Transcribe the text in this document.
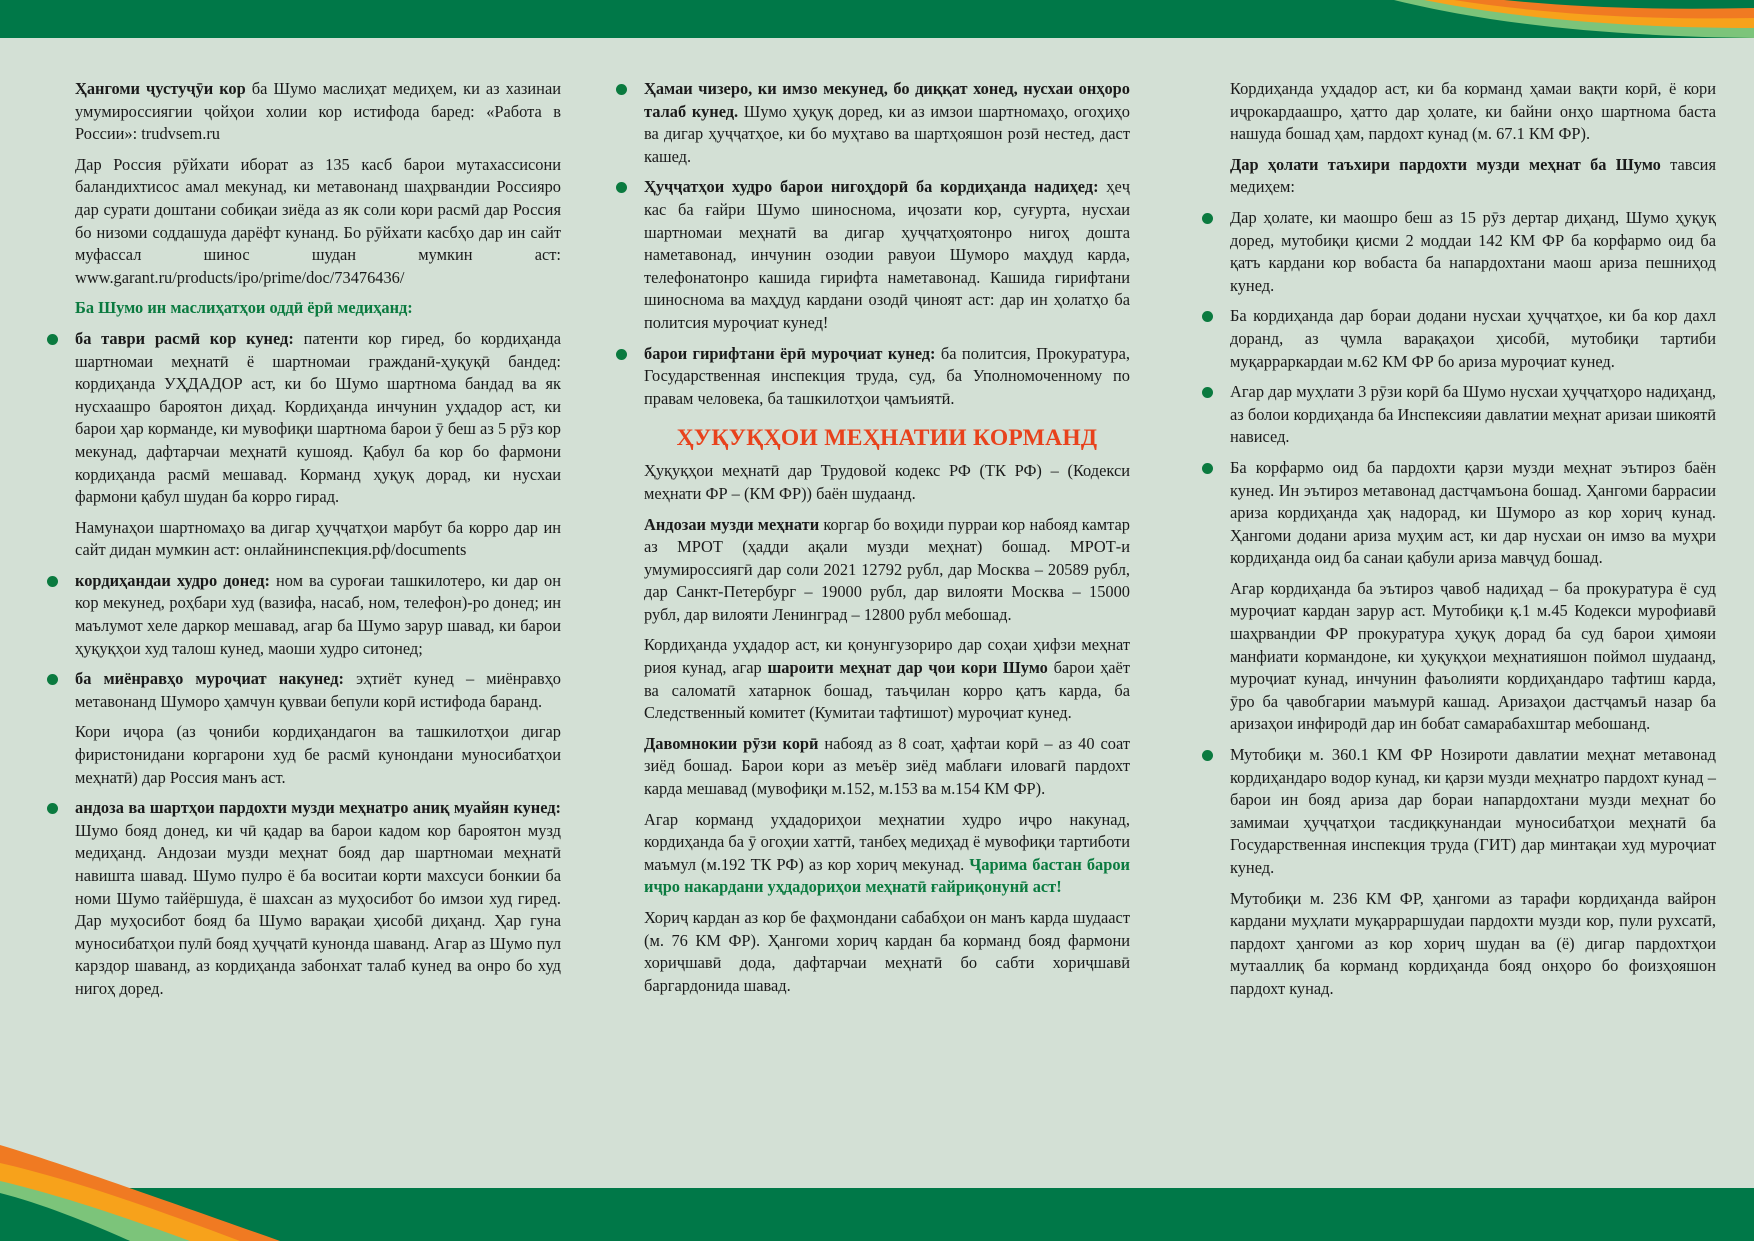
Ҳангоми ҷустуҷӯи кор ба Шумо маслиҳат медиҳем, ки аз хазинаи умумироссиягии ҷойҳои холии кор истифода баред: «Работа в России»: trudvsem.ru

Дар Россия рӯйхати иборат аз 135 касб барои мутахассисони баландихтисос амал мекунад, ки метавонанд шаҳрвандии Россияро дар сурати доштани собиқаи зиёда аз як соли кори расмӣ дар Россия бо низоми соддашуда дарёфт кунанд. Бо рӯйхати касбҳо дар ин сайт муфассал шинос шудан мумкин аст: www.garant.ru/products/ipo/prime/doc/73476436/

Ба Шумо ин маслиҳатҳои оддӣ ёрӣ медиҳанд:

ба таври расмӣ кор кунед: патенти кор гиред, бо кордиҳанда шартномаи меҳнатӣ ё шартномаи гражданӣ-ҳуқуқӣ бандед: кордиҳанда УҲДАДОР аст, ки бо Шумо шартнома бандад ва як нусхаашро бароятон диҳад. Кордиҳанда инчунин уҳдадор аст, ки барои ҳар корманде, ки мувофиқи шартнома барои ӯ беш аз 5 рӯз кор мекунад, дафтарчаи меҳнатӣ кушояд. Қабул ба кор бо фармони кордиҳанда расмӣ мешавад. Корманд ҳуқуқ дорад, ки нусхаи фармони қабул шудан ба корро гирад.

Намунаҳои шартномаҳо ва дигар ҳуҷҷатҳои марбут ба корро дар ин сайт дидан мумкин аст: онлайнинспекция.рф/documents

кордиҳандаи худро донед: ном ва суроғаи ташкилотеро, ки дар он кор мекунед, роҳбари худ (вазифа, насаб, ном, телефон)-ро донед; ин маълумот хеле даркор мешавад, агар ба Шумо зарур шавад, ки барои ҳуқуқҳои худ талош кунед, маоши худро ситонед;
ба миёнравҳо муроҷиат накунед: эҳтиёт кунед – миёнравҳо метавонанд Шуморо ҳамчун қувваи бепули корӣ истифода баранд.

Кори иҷора (аз ҷониби кордиҳандагон ва ташкилотҳои дигар фиристонидани коргарони худ бе расмӣ кунондани муносибатҳои меҳнатӣ) дар Россия манъ аст.

андоза ва шартҳои пардохти музди меҳнатро аниқ муайян кунед: Шумо бояд донед, ки чӣ қадар ва барои кадом кор бароятон музд медиҳанд. Андозаи музди меҳнат бояд дар шартномаи меҳнатӣ навишта шавад. Шумо пулро ё ба воситаи корти махсуси бонкии ба номи Шумо тайёршуда, ё шахсан аз муҳосибот бо имзои худ гиред. Дар муҳосибот бояд ба Шумо варақаи ҳисобӣ диҳанд. Ҳар гуна муносибатҳои пулӣ бояд ҳуҷҷатӣ кунонда шаванд. Агар аз Шумо пул карздор шаванд, аз кордиҳанда забонхат талаб кунед ва онро бо худ нигоҳ доред.
Ҳамаи чизеро, ки имзо мекунед, бо диққат хонед, нусхаи онҳоро талаб кунед. Шумо ҳуқуқ доред, ки аз имзои шартномаҳо, огоҳиҳо ва дигар ҳуҷҷатҳое, ки бо муҳтаво ва шартҳояшон розӣ нестед, даст кашед.
Ҳуҷҷатҳои худро барои нигоҳдорӣ ба кордиҳанда надиҳед: ҳеҷ кас ба ғайри Шумо шиноснома, иҷозати кор, суғурта, нусхаи шартномаи меҳнатӣ ва дигар ҳуҷҷатҳоятонро нигоҳ дошта наметавонад, инчунин озодии равуои Шуморо маҳдуд карда, телефонатонро кашида гирифта наметавонад. Кашида гирифтани шиноснома ва маҳдуд кардани озодӣ ҷиноят аст: дар ин ҳолатҳо ба политсия муроҷиат кунед!
барои гирифтани ёрӣ муроҷиат кунед: ба политсия, Прокуратура, Государственная инспекция труда, суд, ба Уполномоченному по правам человека, ба ташкилотҳои ҷамъиятӣ.
ҲУҚУҚҲОИ МЕҲНАТИИ КОРМАНД

Ҳуқуқҳои меҳнатӣ дар Трудовой кодекс РФ (ТК РФ) – (Кодекси меҳнати ФР – (КМ ФР)) баён шудаанд.

Андозаи музди меҳнати коргар бо воҳиди пурраи кор набояд камтар аз МРОТ (ҳадди ақали музди меҳнат) бошад. МРОТ-и умумироссиягӣ дар соли 2021 12792 рубл, дар Москва – 20589 рубл, дар Санкт-Петербург – 19000 рубл, дар вилояти Москва – 15000 рубл, дар вилояти Ленинград – 12800 рубл мебошад.

Кордиҳанда уҳдадор аст, ки қонунгузориро дар соҳаи ҳифзи меҳнат риоя кунад, агар шароити меҳнат дар ҷои кори Шумо барои ҳаёт ва саломатӣ хатарнок бошад, таъҷилан корро қатъ карда, ба Следственный комитет (Кумитаи тафтишот) муроҷиат кунед.

Давомнокии рӯзи корӣ набояд аз 8 соат, ҳафтаи корӣ – аз 40 соат зиёд бошад. Барои кори аз меъёр зиёд маблағи иловагӣ пардохт карда мешавад (мувофиқи м.152, м.153 ва м.154 КМ ФР).

Агар корманд уҳдадориҳои меҳнатии худро иҷро накунад, кордиҳанда ба ӯ огоҳии хаттӣ, танбеҳ медиҳад ё мувофиқи тартиботи маъмул (м.192 ТК РФ) аз кор хориҷ мекунад. Ҷарима бастан барои иҷро накардани уҳдадориҳои меҳнатӣ ғайриқонунӣ аст!

Хориҷ кардан аз кор бе фаҳмондани сабабҳои он манъ карда шудааст (м. 76 КМ ФР). Ҳангоми хориҷ кардан ба корманд бояд фармони хориҷшавӣ дода, дафтарчаи меҳнатӣ бо сабти хориҷшавӣ баргардонида шавад.

Кордиҳанда уҳдадор аст, ки ба корманд ҳамаи вақти корӣ, ё кори иҷрокардаашро, ҳатто дар ҳолате, ки байни онҳо шартнома баста нашуда бошад ҳам, пардохт кунад (м. 67.1 КМ ФР).

Дар ҳолати таъхири пардохти музди меҳнат ба Шумо тавсия медиҳем:

Дар ҳолате, ки маошро беш аз 15 рӯз дертар диҳанд, Шумо ҳуқуқ доред, мутобиқи қисми 2 моддаи 142 КМ ФР ба корфармо оид ба қатъ кардани кор вобаста ба напардохтани маош ариза пешниҳод кунед.
Ба кордиҳанда дар бораи додани нусхаи ҳуҷҷатҳое, ки ба кор дахл доранд, аз ҷумла варақаҳои ҳисобӣ, мутобиқи тартиби муқарраркардаи м.62 КМ ФР бо ариза муроҷиат кунед.
Агар дар муҳлати 3 рӯзи корӣ ба Шумо нусхаи ҳуҷҷатҳоро надиҳанд, аз болои кордиҳанда ба Инспексияи давлатии меҳнат аризаи шикоятӣ нависед.
Ба корфармо оид ба пардохти қарзи музди меҳнат эътироз баён кунед. Ин эътироз метавонад дастҷамъона бошад. Ҳангоми баррасии ариза кордиҳанда ҳақ надорад, ки Шуморо аз кор хориҷ кунад. Ҳангоми додани ариза муҳим аст, ки дар нусхаи он имзо ва муҳри кордиҳанда оид ба санаи қабули ариза мавҷуд бошад.

Агар кордиҳанда ба эътироз ҷавоб надиҳад – ба прокуратура ё суд муроҷиат кардан зарур аст. Мутобиқи қ.1 м.45 Кодекси мурофиавӣ шаҳрвандии ФР прокуратура ҳуқуқ дорад ба суд барои ҳимояи манфиати кормандоне, ки ҳуқуқҳои меҳнатияшон поймол шудаанд, муроҷиат кунад, инчунин фаъолияти кордиҳандаро тафтиш карда, ӯро ба ҷавобгарии маъмурӣ кашад. Аризаҳои дастҷамъӣ назар ба аризаҳои инфиродӣ дар ин бобат самарабахштар мебошанд.

Мутобиқи м. 360.1 КМ ФР Нозироти давлатии меҳнат метавонад кордиҳандаро водор кунад, ки қарзи музди меҳнатро пардохт кунад – барои ин бояд ариза дар бораи напардохтани музди меҳнат бо замимаи ҳуҷҷатҳои тасдиқкунандаи муносибатҳои меҳнатӣ ба Государственная инспекция труда (ГИТ) дар минтақаи худ муроҷиат кунед.

Мутобиқи м. 236 КМ ФР, ҳангоми аз тарафи кордиҳанда вайрон кардани муҳлати муқарраршудаи пардохти музди кор, пули рухсатӣ, пардохт ҳангоми аз кор хориҷ шудан ва (ё) дигар пардохтҳои мутааллиқ ба корманд кордиҳанда бояд онҳоро бо фоизҳояшон пардохт кунад.
